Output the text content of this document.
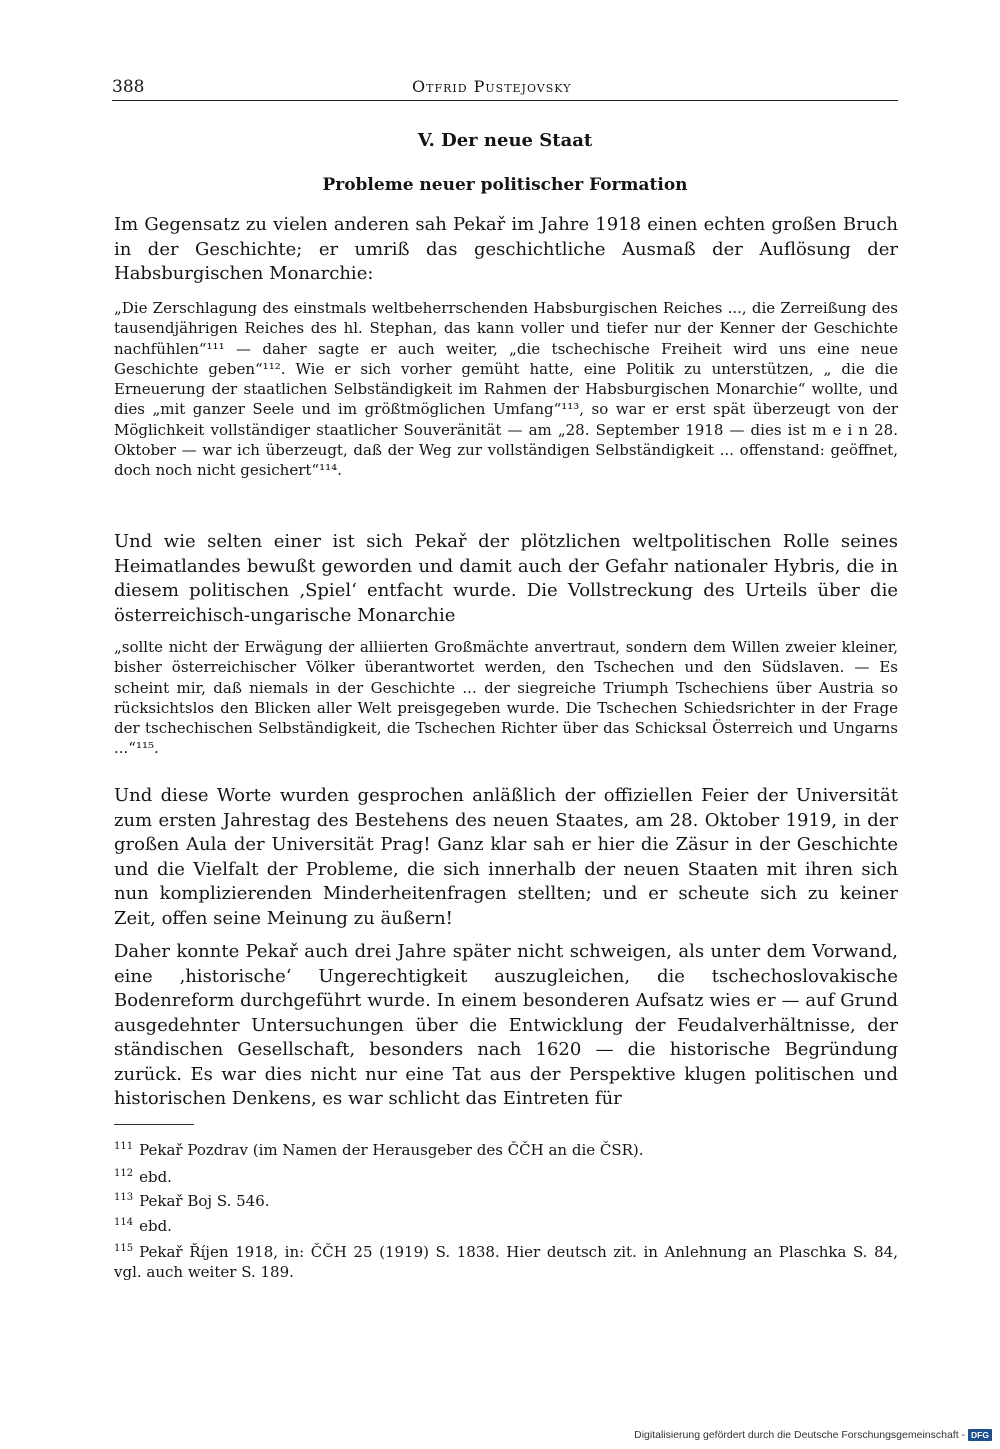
388	Otfrid Pustejovsky
V. Der neue Staat
Probleme neuer politischer Formation

Im Gegensatz zu vielen anderen sah Pekař im Jahre 1918 einen echten großen Bruch in der Geschichte; er umriß das geschichtliche Ausmaß der Auflösung der Habsburgischen Monarchie:

„Die Zerschlagung des einstmals weltbeherrschenden Habsburgischen Reiches ..., die Zerreißung des tausendjährigen Reiches des hl. Stephan, das kann voller und tiefer nur der Kenner der Geschichte nachfühlen“¹¹¹ — daher sagte er auch weiter, „die tschechische Freiheit wird uns eine neue Geschichte geben“¹¹². Wie er sich vorher gemüht hatte, eine Politik zu unterstützen, „ die die Erneuerung der staatlichen Selbständigkeit im Rahmen der Habsburgischen Monarchie“ wollte, und dies „mit ganzer Seele und im größtmöglichen Umfang“¹¹³, so war er erst spät überzeugt von der Möglichkeit vollständiger staatlicher Souveränität — am „28. September 1918 — dies ist m e i n 28. Oktober — war ich überzeugt, daß der Weg zur vollständigen Selbständigkeit ... offenstand: geöffnet, doch noch nicht gesichert“¹¹⁴.

Und wie selten einer ist sich Pekař der plötzlichen weltpolitischen Rolle seines Heimatlandes bewußt geworden und damit auch der Gefahr nationaler Hybris, die in diesem politischen ‚Spiel‘ entfacht wurde. Die Vollstreckung des Urteils über die österreichisch-ungarische Monarchie

„sollte nicht der Erwägung der alliierten Großmächte anvertraut, sondern dem Willen zweier kleiner, bisher österreichischer Völker überantwortet werden, den Tschechen und den Südslaven. — Es scheint mir, daß niemals in der Geschichte ... der siegreiche Triumph Tschechiens über Austria so rücksichtslos den Blicken aller Welt preisgegeben wurde. Die Tschechen Schiedsrichter in der Frage der tschechischen Selbständigkeit, die Tschechen Richter über das Schicksal Österreich und Ungarns ...“¹¹⁵.

Und diese Worte wurden gesprochen anläßlich der offiziellen Feier der Universität zum ersten Jahrestag des Bestehens des neuen Staates, am 28. Oktober 1919, in der großen Aula der Universität Prag! Ganz klar sah er hier die Zäsur in der Geschichte und die Vielfalt der Probleme, die sich innerhalb der neuen Staaten mit ihren sich nun komplizierenden Minderheitenfragen stellten; und er scheute sich zu keiner Zeit, offen seine Meinung zu äußern!

Daher konnte Pekař auch drei Jahre später nicht schweigen, als unter dem Vorwand, eine ‚historische‘ Ungerechtigkeit auszugleichen, die tschechoslovakische Bodenreform durchgeführt wurde. In einem besonderen Aufsatz wies er — auf Grund ausgedehnter Untersuchungen über die Entwicklung der Feudalverhältnisse, der ständischen Gesellschaft, besonders nach 1620 — die historische Begründung zurück. Es war dies nicht nur eine Tat aus der Perspektive klugen politischen und historischen Denkens, es war schlicht das Eintreten für

$^{111}$ Pekař Pozdrav (im Namen der Herausgeber des ČČH an die ČSR).

$^{112}$ ebd.

$^{113}$ Pekař Boj S. 546.

$^{114}$ ebd.

$^{115}$ Pekař Říjen 1918, in: ČČH 25 (1919) S. 1838. Hier deutsch zit. in Anlehnung an Plaschka S. 84, vgl. auch weiter S. 189.

Digitalisierung gefördert durch die Deutsche Forschungsgemeinschaft - DFG
